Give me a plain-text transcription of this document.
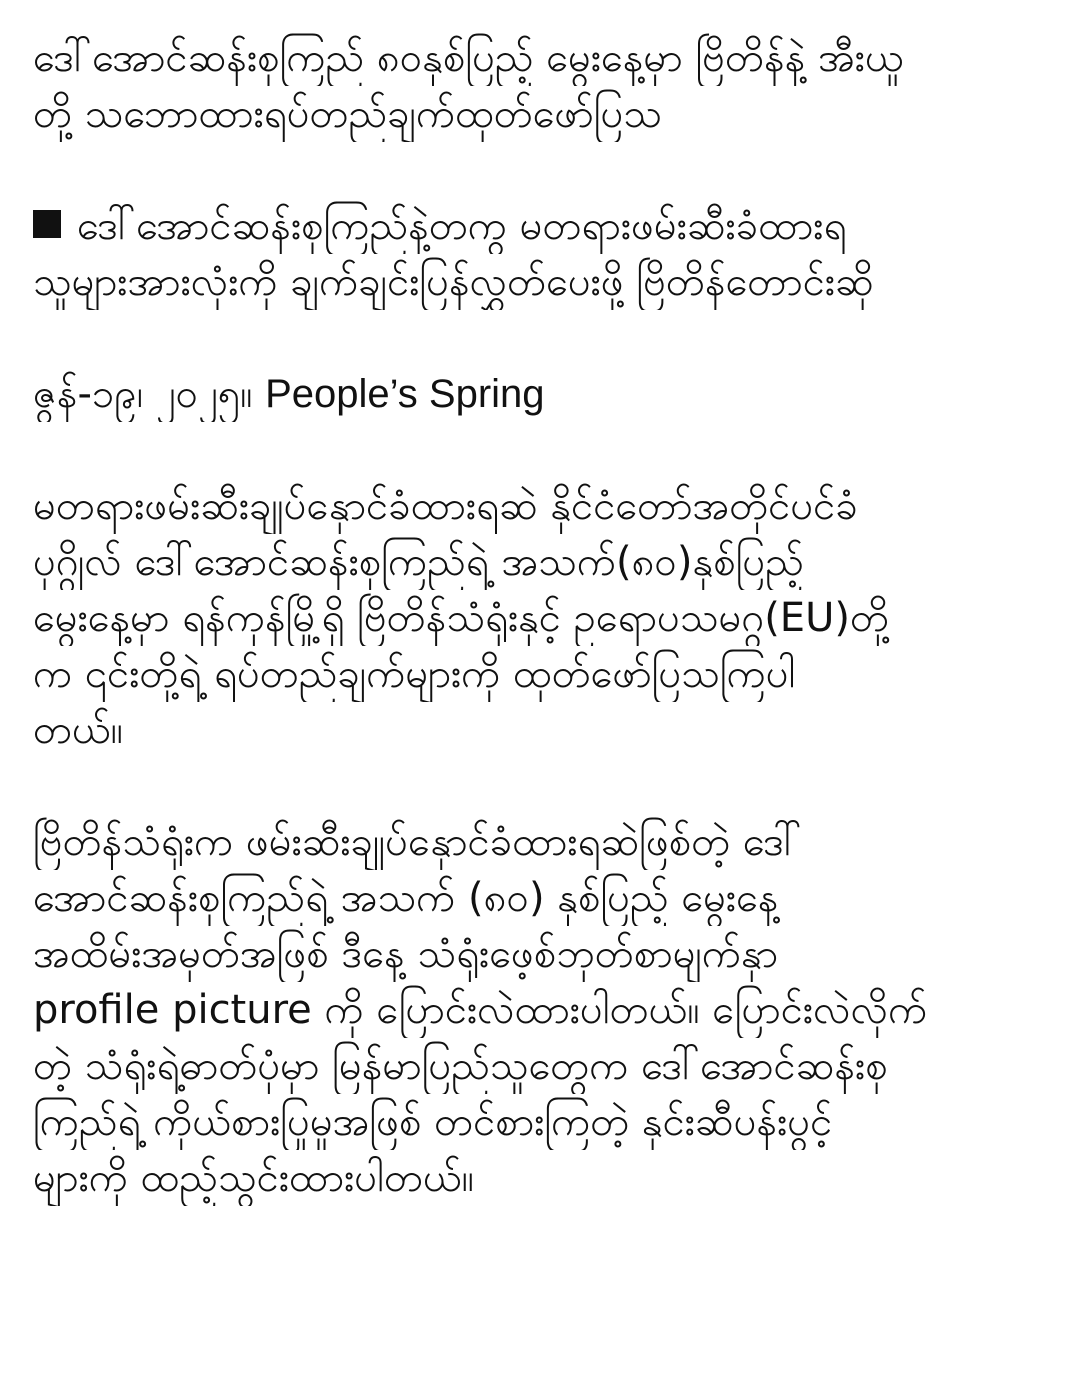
ဒေါ်အောင်ဆန်းစုကြည် ၈၀နှစ်ပြည့် မွေးနေ့မှာ ဗြိတိန်နဲ့ အီးယူ
တို့ သဘောထားရပ်တည်ချက်ထုတ်ဖော်ပြသ
ဒေါ်အောင်ဆန်းစုကြည်နဲ့တကွ မတရားဖမ်းဆီးခံထားရ
သူများအားလုံးကို ချက်ချင်းပြန်လွှတ်ပေးဖို့ ဗြိတိန်တောင်းဆို
ဇွန်-၁၉၊ ၂၀၂၅။ People’s Spring
မတရားဖမ်းဆီးချုပ်နှောင်ခံထားရဆဲ နိုင်ငံတော်အတိုင်ပင်ခံ
ပုဂ္ဂိုလ် ဒေါ်အောင်ဆန်းစုကြည်ရဲ့ အသက်(၈၀)နှစ်ပြည့်
မွေးနေ့မှာ ရန်ကုန်မြို့ရှိ ဗြိတိန်သံရုံးနှင့် ဥရောပသမဂ္ဂ(EU)တို့
က ၎င်းတို့ရဲ့ ရပ်တည်ချက်များကို ထုတ်ဖော်ပြသကြပါ
တယ်။
ဗြိတိန်သံရုံးက ဖမ်းဆီးချုပ်နှောင်ခံထားရဆဲဖြစ်တဲ့ ဒေါ်
အောင်ဆန်းစုကြည်ရဲ့ အသက် (၈၀) နှစ်ပြည့် မွေးနေ့
အထိမ်းအမှတ်အဖြစ် ဒီနေ့ သံရုံးဖေ့စ်ဘုတ်စာမျက်နှာ
profile picture ကို ပြောင်းလဲထားပါတယ်။ ပြောင်းလဲလိုက်
တဲ့ သံရုံးရဲ့ဓာတ်ပုံမှာ မြန်မာပြည်သူတွေက ဒေါ်အောင်ဆန်းစု
ကြည်ရဲ့ ကိုယ်စားပြုမှုအဖြစ် တင်စားကြတဲ့ နှင်းဆီပန်းပွင့်
များကို ထည့်သွင်းထားပါတယ်။
